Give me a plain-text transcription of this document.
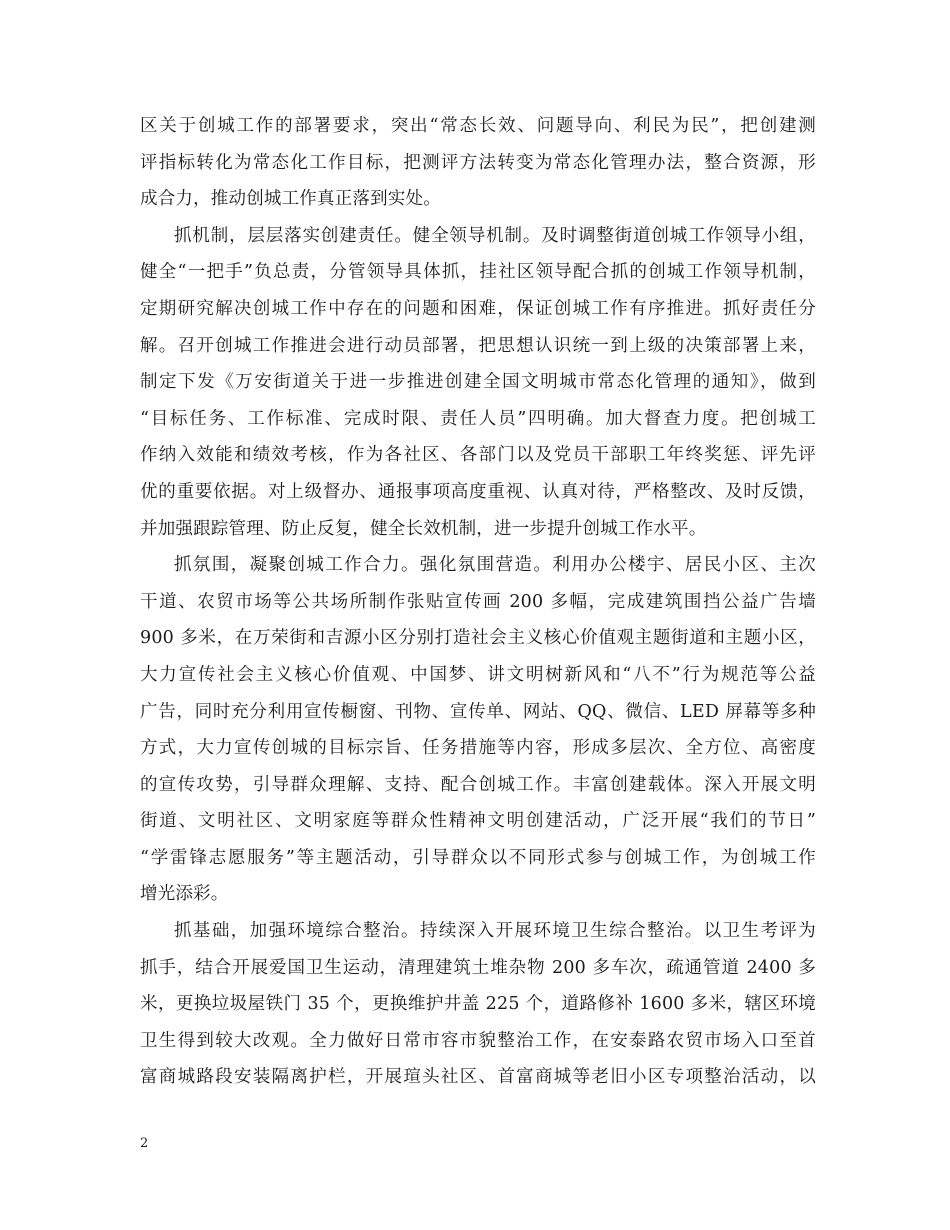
区关于创城工作的部署要求，突出“常态长效、问题导向、利民为民”，把创建测
评指标转化为常态化工作目标，把测评方法转变为常态化管理办法，整合资源，形
成合力，推动创城工作真正落到实处。

抓机制，层层落实创建责任。健全领导机制。及时调整街道创城工作领导小组，
健全“一把手”负总责，分管领导具体抓，挂社区领导配合抓的创城工作领导机制，
定期研究解决创城工作中存在的问题和困难，保证创城工作有序推进。抓好责任分
解。召开创城工作推进会进行动员部署，把思想认识统一到上级的决策部署上来，
制定下发《万安街道关于进一步推进创建全国文明城市常态化管理的通知》，做到
“目标任务、工作标准、完成时限、责任人员”四明确。加大督查力度。把创城工
作纳入效能和绩效考核，作为各社区、各部门以及党员干部职工年终奖惩、评先评
优的重要依据。对上级督办、通报事项高度重视、认真对待，严格整改、及时反馈，
并加强跟踪管理、防止反复，健全长效机制，进一步提升创城工作水平。

抓氛围，凝聚创城工作合力。强化氛围营造。利用办公楼宇、居民小区、主次
干道、农贸市场等公共场所制作张贴宣传画 200 多幅，完成建筑围挡公益广告墙
900 多米，在万荣街和吉源小区分别打造社会主义核心价值观主题街道和主题小区，
大力宣传社会主义核心价值观、中国梦、讲文明树新风和“八不”行为规范等公益
广告，同时充分利用宣传橱窗、刊物、宣传单、网站、QQ、微信、LED 屏幕等多种
方式，大力宣传创城的目标宗旨、任务措施等内容，形成多层次、全方位、高密度
的宣传攻势，引导群众理解、支持、配合创城工作。丰富创建载体。深入开展文明
街道、文明社区、文明家庭等群众性精神文明创建活动，广泛开展“我们的节日”
“学雷锋志愿服务”等主题活动，引导群众以不同形式参与创城工作，为创城工作
增光添彩。

抓基础，加强环境综合整治。持续深入开展环境卫生综合整治。以卫生考评为
抓手，结合开展爱国卫生运动，清理建筑土堆杂物 200 多车次，疏通管道 2400 多
米，更换垃圾屋铁门 35 个，更换维护井盖 225 个，道路修补 1600 多米，辖区环境
卫生得到较大改观。全力做好日常市容市貌整治工作，在安泰路农贸市场入口至首
富商城路段安装隔离护栏，开展瑄头社区、首富商城等老旧小区专项整治活动，以

2
